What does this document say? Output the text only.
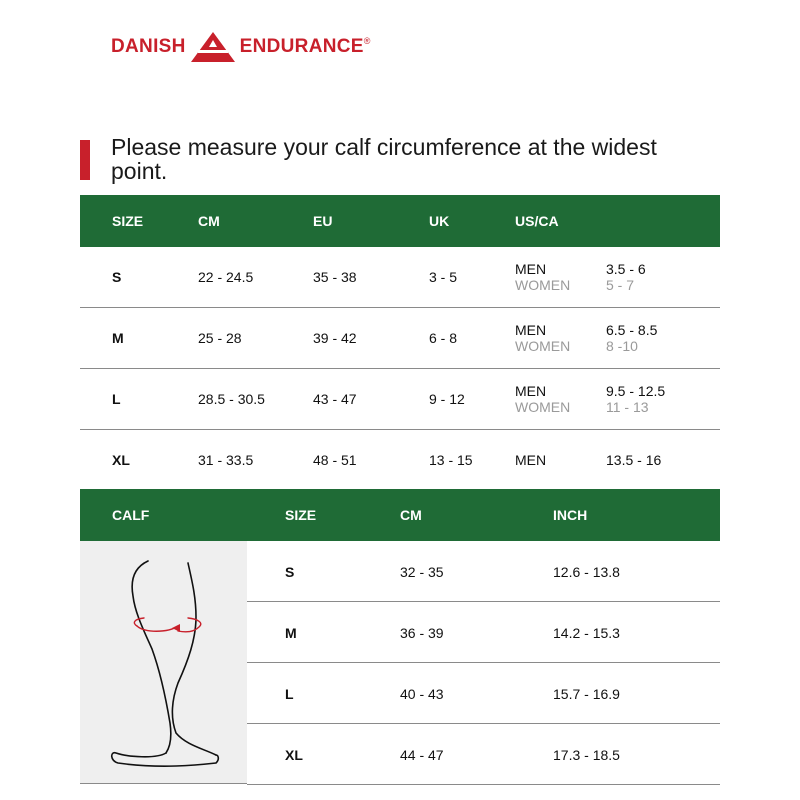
DANISH	ENDURANCE ®
Please measure your calf circumference at the widest point.
SIZE	CM	EU	UK	US/CA
S	22 - 24.5	35 - 38	3 - 5	MEN	3.5 - 6
WOMEN	5 - 7
M	25 - 28	39 - 42	6 - 8	MEN	6.5 - 8.5
WOMEN	8 -10
L	28.5 - 30.5	43 - 47	9 - 12	MEN	9.5 - 12.5
WOMEN	11 - 13
XL	31 - 33.5	48 - 51	13 - 15	MEN	13.5 - 16
CALF	SIZE	CM	INCH
S	32 - 35	12.6 - 13.8
M	36 - 39	14.2 - 15.3
L	40 - 43	15.7 - 16.9
XL	44 - 47	17.3 - 18.5
